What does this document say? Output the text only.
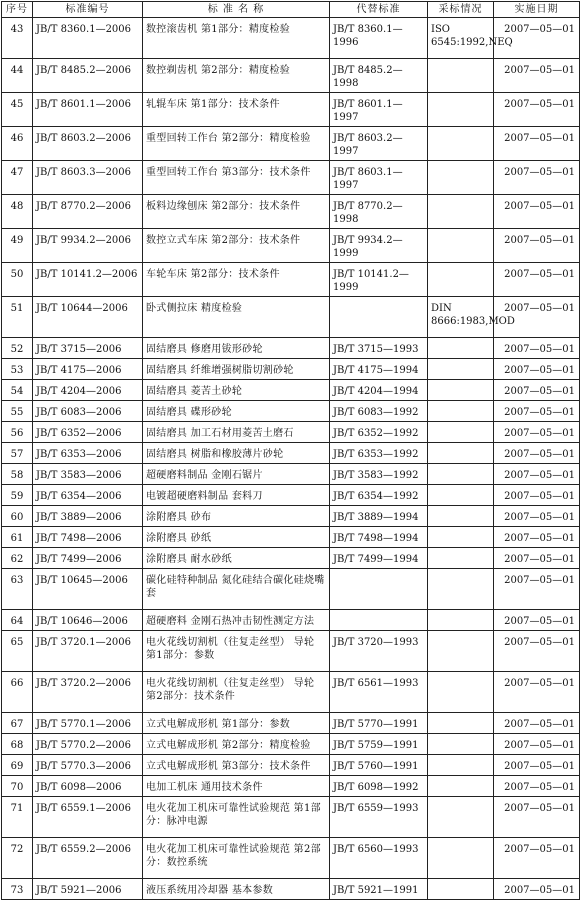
序号	标准编号	标 准 名 称	代替标准	采标情况	实施日期
43	JB/T 8360.1—2006	数控滚齿机 第1部分：精度检验	JB/T 8360.1—1996	ISO 6545:1992,NEQ	2007—05—01
44	JB/T 8485.2—2006	数控剃齿机 第2部分：精度检验	JB/T 8485.2—1998		2007—05—01
45	JB/T 8601.1—2006	轧辊车床 第1部分：技术条件	JB/T 8601.1—1997		2007—05—01
46	JB/T 8603.2—2006	重型回转工作台 第2部分：精度检验	JB/T 8603.2—1997		2007—05—01
47	JB/T 8603.3—2006	重型回转工作台 第3部分：技术条件	JB/T 8603.1—1997		2007—05—01
48	JB/T 8770.2—2006	板料边缘刨床 第2部分：技术条件	JB/T 8770.2—1998		2007—05—01
49	JB/T 9934.2—2006	数控立式车床 第2部分：技术条件	JB/T 9934.2—1999		2007—05—01
50	JB/T 10141.2—2006	车轮车床 第2部分：技术条件	JB/T 10141.2—1999		2007—05—01
51	JB/T 10644—2006	卧式侧拉床 精度检验		DIN 8666:1983,MOD	2007—05—01
52	JB/T 3715—2006	固结磨具 修磨用钹形砂轮	JB/T 3715—1993		2007—05—01
53	JB/T 4175—2006	固结磨具 纤维增强树脂切割砂轮	JB/T 4175—1994		2007—05—01
54	JB/T 4204—2006	固结磨具 菱苦土砂轮	JB/T 4204—1994		2007—05—01
55	JB/T 6083—2006	固结磨具 碟形砂轮	JB/T 6083—1992		2007—05—01
56	JB/T 6352—2006	固结磨具 加工石材用菱苦土磨石	JB/T 6352—1992		2007—05—01
57	JB/T 6353—2006	固结磨具 树脂和橡胶薄片砂轮	JB/T 6353—1992		2007—05—01
58	JB/T 3583—2006	超硬磨料制品 金刚石锯片	JB/T 3583—1992		2007—05—01
59	JB/T 6354—2006	电镀超硬磨料制品 套料刀	JB/T 6354—1992		2007—05—01
60	JB/T 3889—2006	涂附磨具 砂布	JB/T 3889—1994		2007—05—01
61	JB/T 7498—2006	涂附磨具 砂纸	JB/T 7498—1994		2007—05—01
62	JB/T 7499—2006	涂附磨具 耐水砂纸	JB/T 7499—1994		2007—05—01
63	JB/T 10645—2006	碳化硅特种制品 氮化硅结合碳化硅烧嘴套			2007—05—01
64	JB/T 10646—2006	超硬磨料 金刚石热冲击韧性测定方法			2007—05—01
65	JB/T 3720.1—2006	电火花线切割机（往复走丝型） 导轮 第1部分：参数	JB/T 3720—1993		2007—05—01
66	JB/T 3720.2—2006	电火花线切割机（往复走丝型） 导轮 第2部分：技术条件	JB/T 6561—1993		2007—05—01
67	JB/T 5770.1—2006	立式电解成形机 第1部分：参数	JB/T 5770—1991		2007—05—01
68	JB/T 5770.2—2006	立式电解成形机 第2部分：精度检验	JB/T 5759—1991		2007—05—01
69	JB/T 5770.3—2006	立式电解成形机 第3部分：技术条件	JB/T 5760—1991		2007—05—01
70	JB/T 6098—2006	电加工机床 通用技术条件	JB/T 6098—1992		2007—05—01
71	JB/T 6559.1—2006	电火花加工机床可靠性试验规范 第1部分：脉冲电源	JB/T 6559—1993		2007—05—01
72	JB/T 6559.2—2006	电火花加工机床可靠性试验规范 第2部分：数控系统	JB/T 6560—1993		2007—05—01
73	JB/T 5921—2006	液压系统用冷却器 基本参数	JB/T 5921—1991		2007—05—01
